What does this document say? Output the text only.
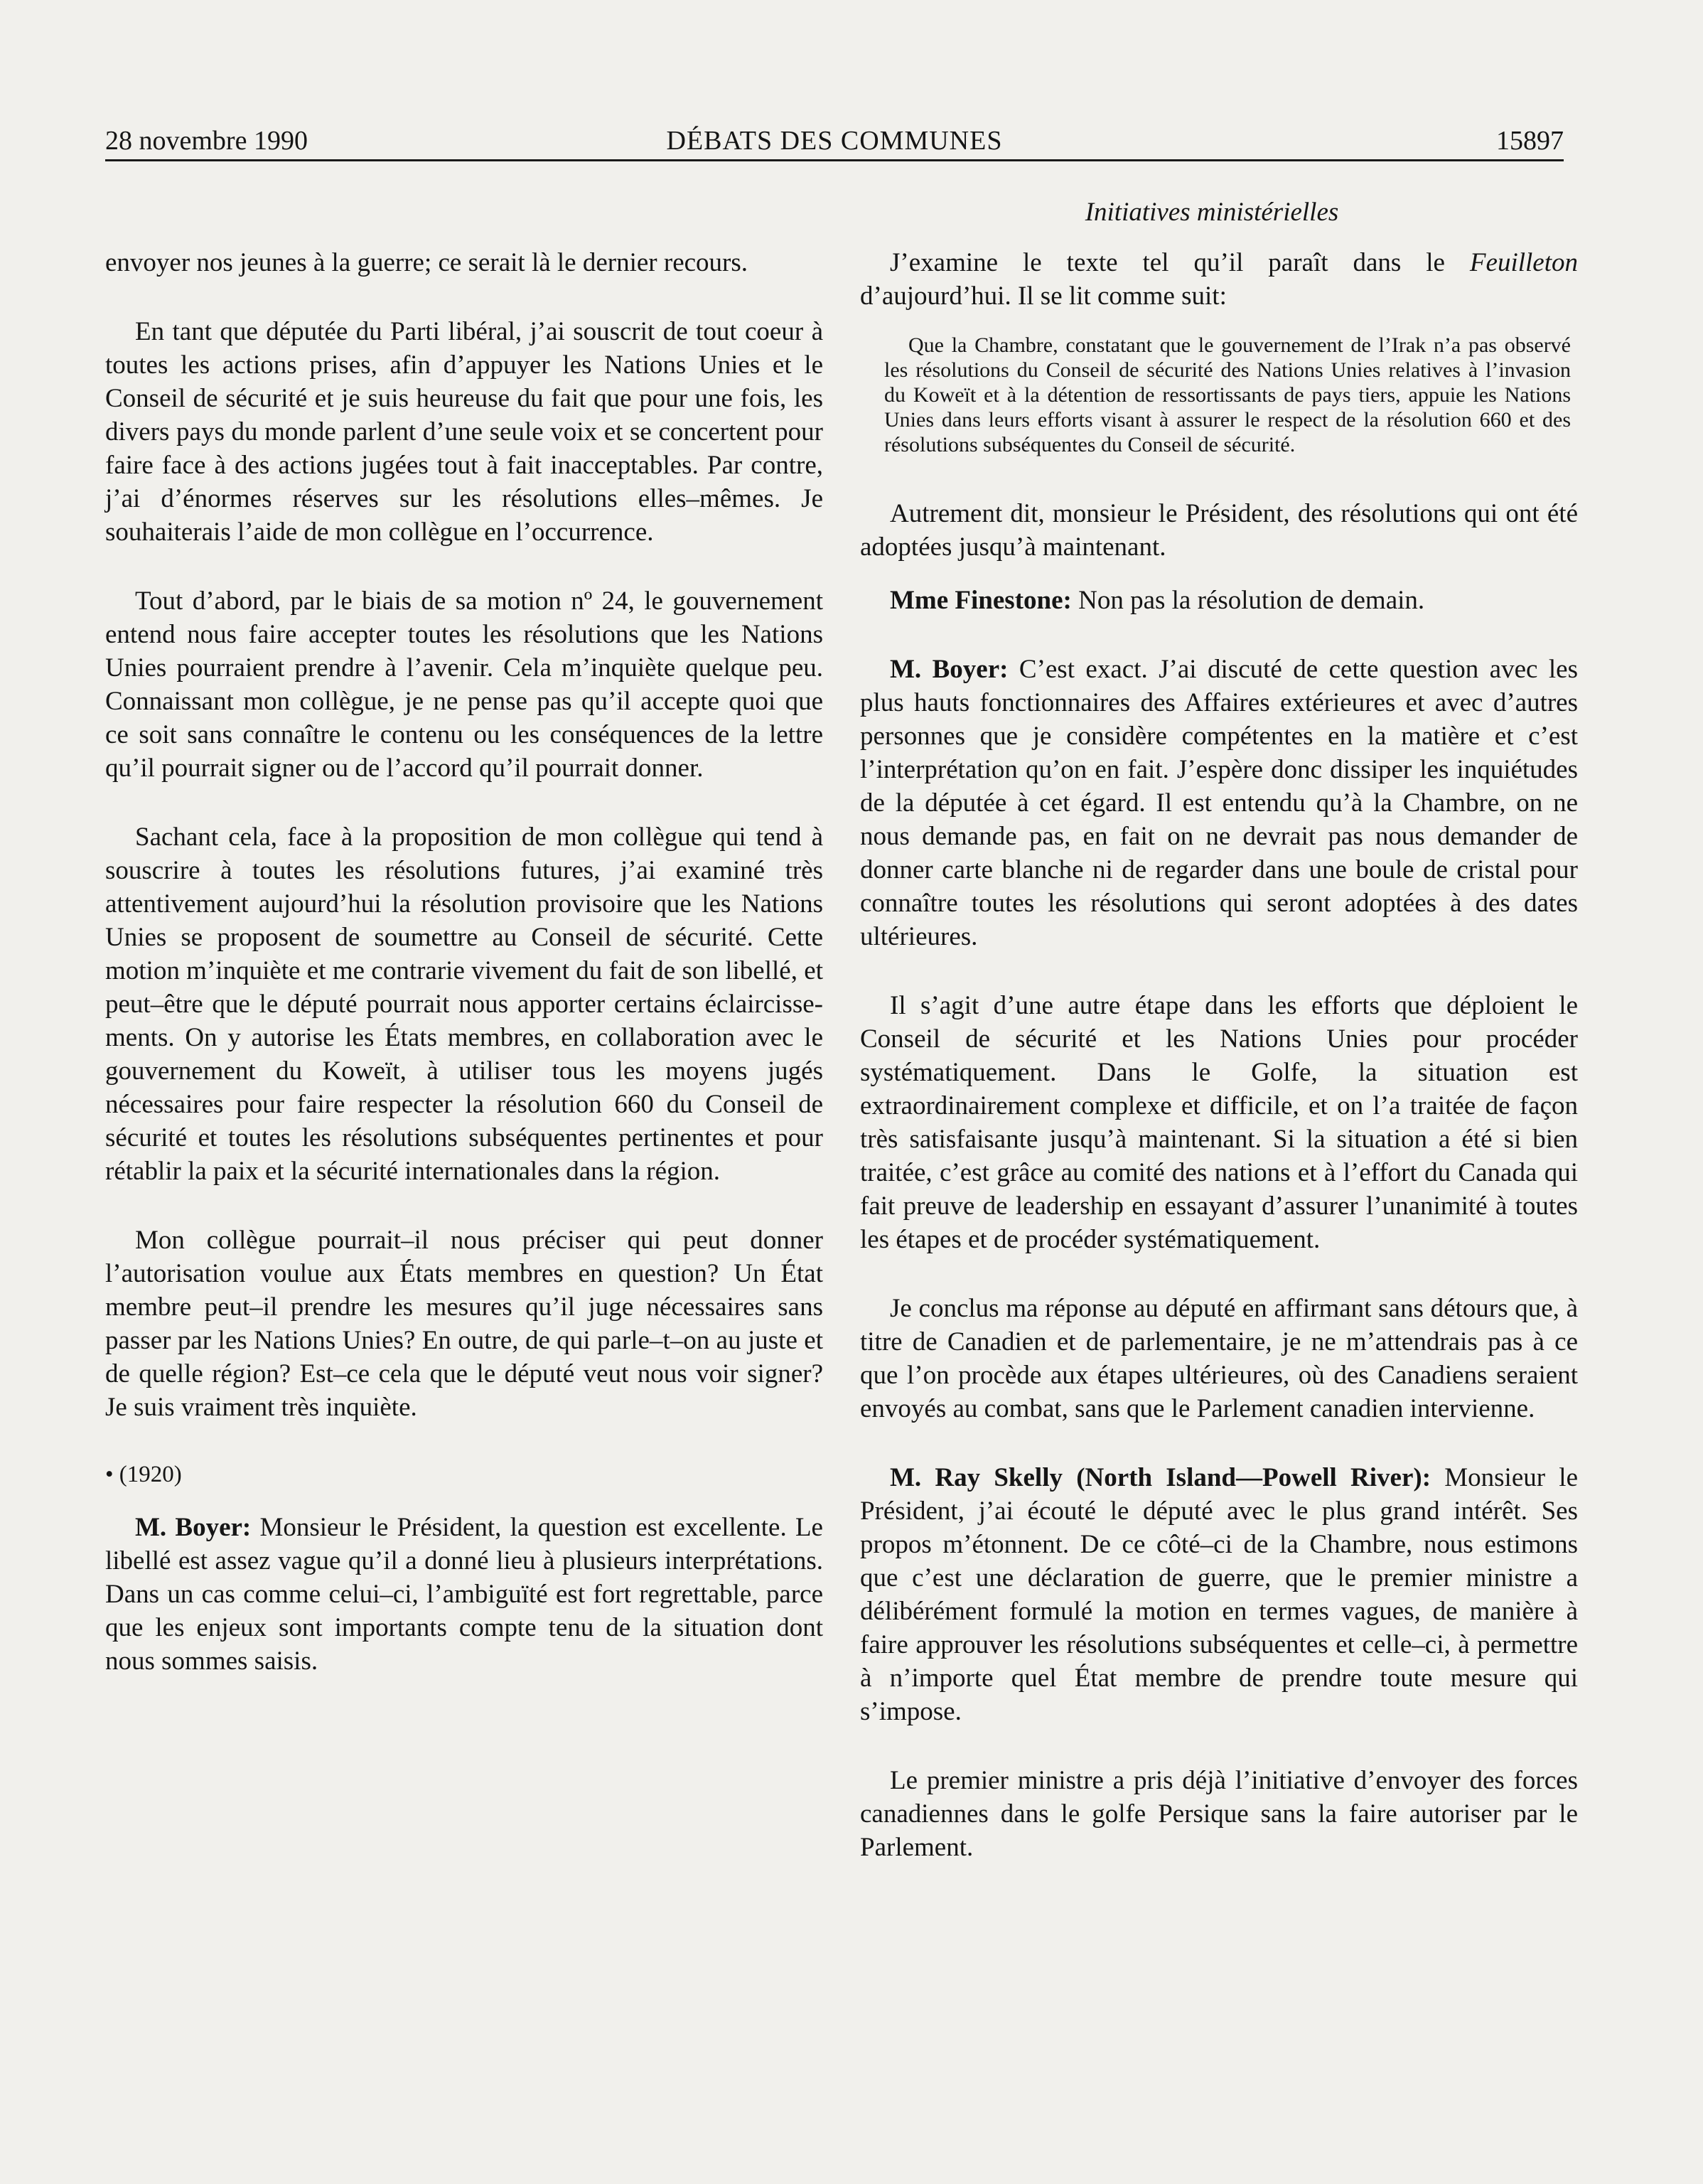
28 novembre 1990	DÉBATS DES COMMUNES	15897
Initiatives ministérielles

envoyer nos jeunes à la guerre; ce serait là le dernier recours.

En tant que députée du Parti libéral, j’ai souscrit de tout coeur à toutes les actions prises, afin d’appuyer les Nations Unies et le Conseil de sécurité et je suis heureuse du fait que pour une fois, les divers pays du monde parlent d’une seule voix et se concertent pour faire face à des actions jugées tout à fait inacceptables. Par contre, j’ai d’énormes réserves sur les résolutions elles–mêmes. Je souhaiterais l’aide de mon collègue en l’occurrence.

Tout d’abord, par le biais de sa motion nº 24, le gouvernement entend nous faire accepter toutes les résolutions que les Nations Unies pourraient prendre à l’avenir. Cela m’inquiète quelque peu. Connaissant mon collègue, je ne pense pas qu’il accepte quoi que ce soit sans connaître le contenu ou les conséquences de la lettre qu’il pourrait signer ou de l’accord qu’il pourrait donner.

Sachant cela, face à la proposition de mon collègue qui tend à souscrire à toutes les résolutions futures, j’ai examiné très attentivement aujourd’hui la résolution provisoire que les Nations Unies se proposent de soumettre au Conseil de sécurité. Cette motion m’inquiète et me contrarie vivement du fait de son libellé, et peut–être que le député pourrait nous apporter certains éclaircissements. On y autorise les États membres, en collaboration avec le gouvernement du Koweït, à utiliser tous les moyens jugés nécessaires pour faire respecter la résolution 660 du Conseil de sécurité et toutes les résolutions subséquentes pertinentes et pour rétablir la paix et la sécurité internationales dans la région.

Mon collègue pourrait–il nous préciser qui peut donner l’autorisation voulue aux États membres en question? Un État membre peut–il prendre les mesures qu’il juge nécessaires sans passer par les Nations Unies? En outre, de qui parle–t–on au juste et de quelle région? Est–ce cela que le député veut nous voir signer? Je suis vraiment très inquiète.

• (1920)

M. Boyer: Monsieur le Président, la question est excellente. Le libellé est assez vague qu’il a donné lieu à plusieurs interprétations. Dans un cas comme celui–ci, l’ambiguïté est fort regrettable, parce que les enjeux sont importants compte tenu de la situation dont nous sommes saisis.

J’examine le texte tel qu’il paraît dans le Feuilleton d’aujourd’hui. Il se lit comme suit:

Que la Chambre, constatant que le gouvernement de l’Irak n’a pas observé les résolutions du Conseil de sécurité des Nations Unies relatives à l’invasion du Koweït et à la détention de ressortissants de pays tiers, appuie les Nations Unies dans leurs efforts visant à assurer le respect de la résolution 660 et des résolutions subséquentes du Conseil de sécurité.

Autrement dit, monsieur le Président, des résolutions qui ont été adoptées jusqu’à maintenant.

Mme Finestone: Non pas la résolution de demain.

M. Boyer: C’est exact. J’ai discuté de cette question avec les plus hauts fonctionnaires des Affaires extérieures et avec d’autres personnes que je considère compétentes en la matière et c’est l’interprétation qu’on en fait. J’espère donc dissiper les inquiétudes de la députée à cet égard. Il est entendu qu’à la Chambre, on ne nous demande pas, en fait on ne devrait pas nous demander de donner carte blanche ni de regarder dans une boule de cristal pour connaître toutes les résolutions qui seront adoptées à des dates ultérieures.

Il s’agit d’une autre étape dans les efforts que déploient le Conseil de sécurité et les Nations Unies pour procéder systématiquement. Dans le Golfe, la situation est extraordinairement complexe et difficile, et on l’a traitée de façon très satisfaisante jusqu’à maintenant. Si la situation a été si bien traitée, c’est grâce au comité des nations et à l’effort du Canada qui fait preuve de leadership en essayant d’assurer l’unanimité à toutes les étapes et de procéder systématiquement.

Je conclus ma réponse au député en affirmant sans détours que, à titre de Canadien et de parlementaire, je ne m’attendrais pas à ce que l’on procède aux étapes ultérieures, où des Canadiens seraient envoyés au combat, sans que le Parlement canadien intervienne.

M. Ray Skelly (North Island—Powell River): Monsieur le Président, j’ai écouté le député avec le plus grand intérêt. Ses propos m’étonnent. De ce côté–ci de la Chambre, nous estimons que c’est une déclaration de guerre, que le premier ministre a délibérément formulé la motion en termes vagues, de manière à faire approuver les résolutions subséquentes et celle–ci, à permettre à n’importe quel État membre de prendre toute mesure qui s’impose.

Le premier ministre a pris déjà l’initiative d’envoyer des forces canadiennes dans le golfe Persique sans la faire autoriser par le Parlement.
